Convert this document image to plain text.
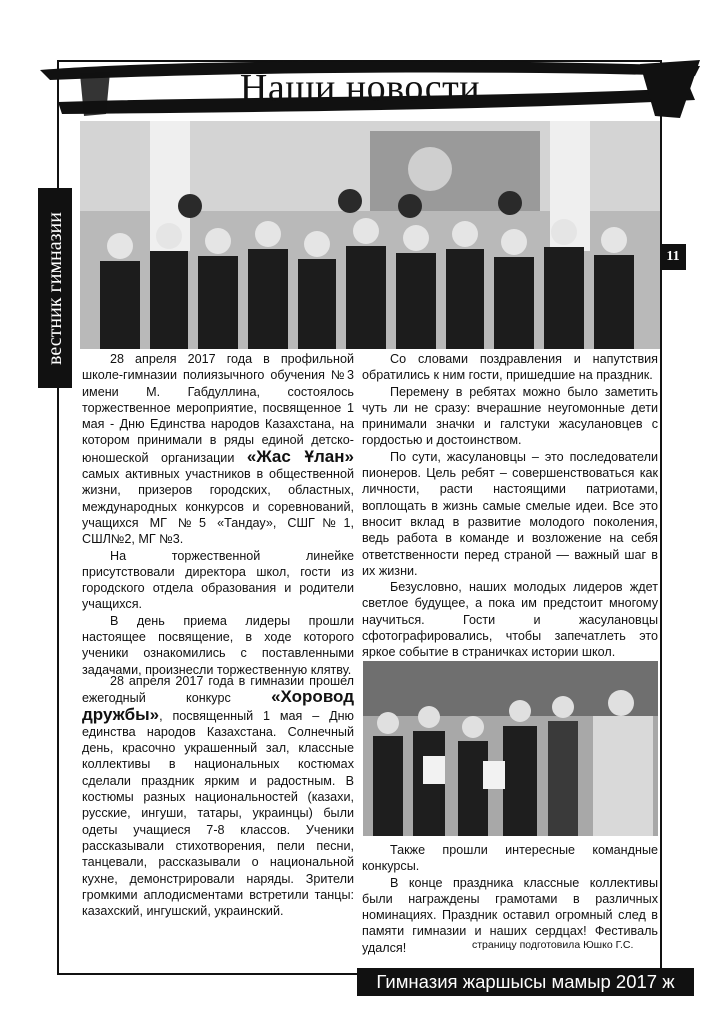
Наши новости
вестник гимназии	11

28 апреля 2017 года в профильной школе-гимназии полиязычного обучения №3 имени М. Габдуллина, состоялось торжественное мероприятие, посвященное 1 мая - Дню Единства народов Казахстана, на котором принимали в ряды единой детско-юношеской организации «Жас Ұлан» самых активных участников в общественной жизни, призеров городских, областных, международных конкурсов и соревнований, учащихся МГ №5 «Тандау», СШГ№1, СШЛ№2, МГ №3.

На торжественной линейке присутствовали директора школ, гости из городского отдела образования и родители учащихся.

В день приема лидеры прошли настоящее посвящение, в ходе которого ученики ознакомились с поставленными задачами, произнесли торжественную клятву.

28 апреля 2017 года в гимназии прошел ежегодный конкурс «Хоровод дружбы», посвященный 1 мая – Дню единства народов Казахстана. Солнечный день, красочно украшенный зал, классные коллективы в национальных костюмах сделали праздник ярким и радостным. В костюмы разных национальностей (казахи, русские, ингуши, татары, украинцы) были одеты учащиеся 7-8 классов. Ученики рассказывали стихотворения, пели песни, танцевали, рассказывали о национальной кухне, демонстрировали наряды. Зрители громкими аплодисментами встретили танцы: казахский, ингушский, украинский.

Со словами поздравления и напутствия обратились к ним гости, пришедшие на праздник.

Перемену в ребятах можно было заметить чуть ли не сразу: вчерашние неугомонные дети принимали значки и галстуки жасулановцев с гордостью и достоинством.

По сути, жасулановцы – это последователи пионеров. Цель ребят – совершенствоваться как личности, расти настоящими патриотами, воплощать в жизнь самые смелые идеи. Все это вносит вклад в развитие молодого поколения, ведь работа в команде и возложение на себя ответственности перед страной — важный шаг в их жизни.

Безусловно, наших молодых лидеров ждет светлое будущее, а пока им предстоит многому научиться. Гости и жасулановцы сфотографировались, чтобы запечатлеть это яркое событие в страничках истории школ.

Также прошли интересные командные конкурсы.

В конце праздника классные коллективы были награждены грамотами в различных номинациях. Праздник оставил огромный след в памяти гимназии и наших сердцах! Фестиваль удался!	страницу подготовила Юшко Г.С.
Гимназия жаршысы мамыр 2017 ж
